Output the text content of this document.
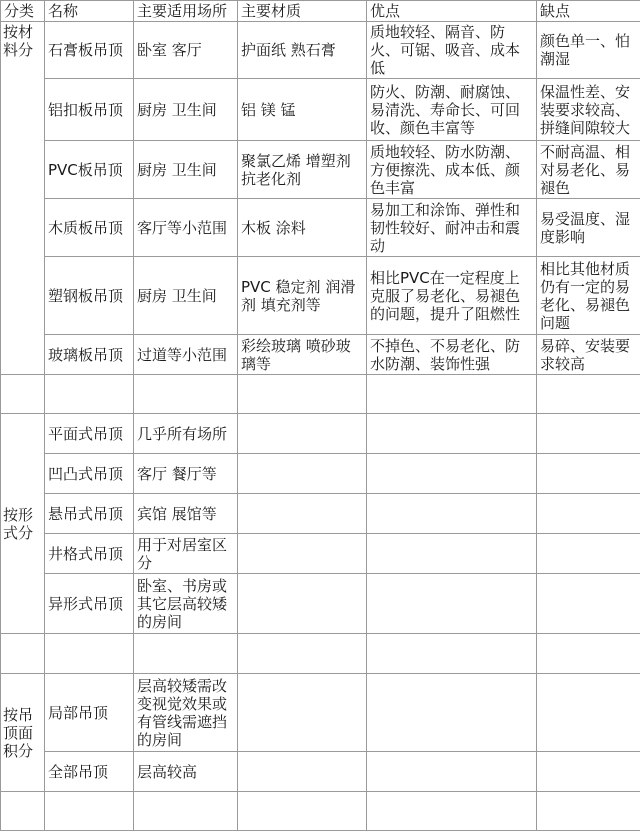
分类	名称	主要适用场所	主要材质	优点	缺点
按材料分	石膏板吊顶	卧室 客厅	护面纸 熟石膏	质地较轻、隔音、防火、可锯、吸音、成本低	颜色单一、怕潮湿
	铝扣板吊顶	厨房 卫生间	铝 镁 锰	防火、防潮、耐腐蚀、易清洗、寿命长、可回收、颜色丰富等	保温性差、安装要求较高、拼缝间隙较大
	PVC板吊顶	厨房 卫生间	聚氯乙烯 增塑剂 抗老化剂	质地较轻、防水防潮、方便擦洗、成本低、颜色丰富	不耐高温、相对易老化、易褪色
	木质板吊顶	客厅等小范围	木板 涂料	易加工和涂饰、弹性和韧性较好、耐冲击和震动	易受温度、湿度影响
	塑钢板吊顶	厨房 卫生间	PVC 稳定剂 润滑剂 填充剂等	相比PVC在一定程度上克服了易老化、易褪色的问题，提升了阻燃性	相比其他材质仍有一定的易老化、易褪色问题
	玻璃板吊顶	过道等小范围	彩绘玻璃 喷砂玻璃等	不掉色、不易老化、防水防潮、装饰性强	易碎、安装要求较高

按形式分	平面式吊顶	几乎所有场所			
	凹凸式吊顶	客厅 餐厅等			
	悬吊式吊顶	宾馆 展馆等			
	井格式吊顶	用于对居室区分			
	异形式吊顶	卧室、书房或其它层高较矮的房间			

按吊顶面积分	局部吊顶	层高较矮需改变视觉效果或有管线需遮挡的房间			
	全部吊顶	层高较高			
